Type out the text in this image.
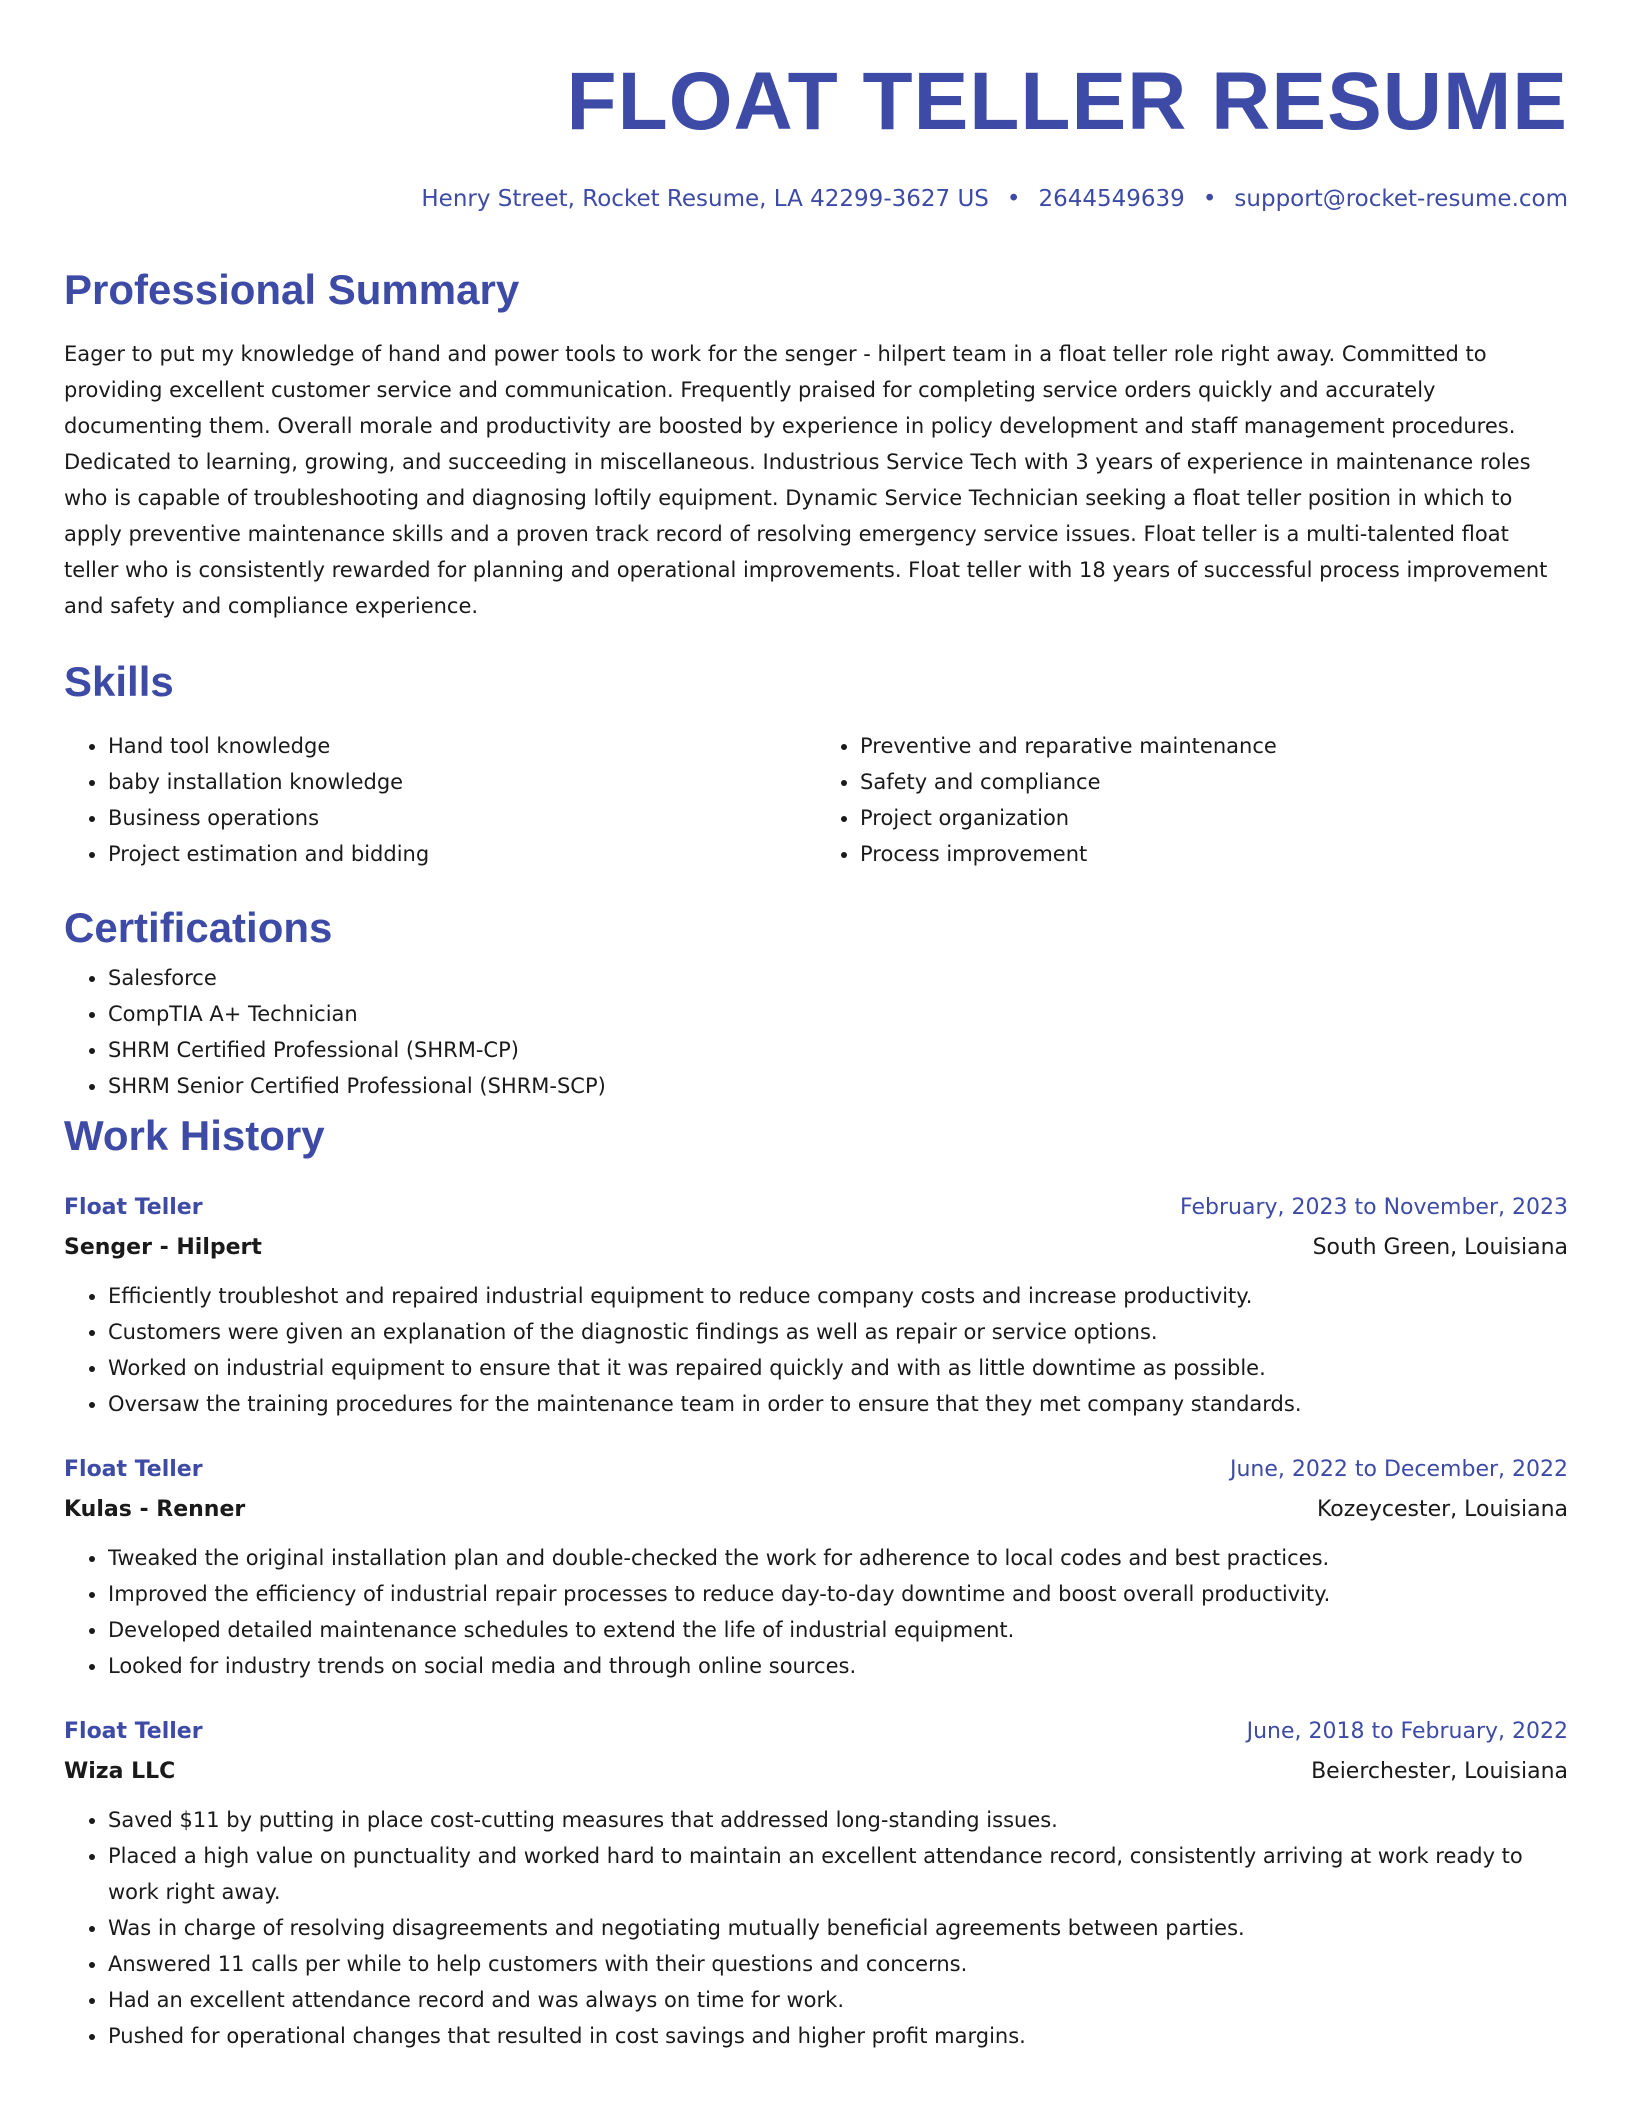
FLOAT TELLER RESUME
Henry Street, Rocket Resume, LA 42299-3627 US • 2644549639 • support@rocket-resume.com
Professional Summary

Eager to put my knowledge of hand and power tools to work for the senger - hilpert team in a float teller role right away. Committed to providing excellent customer service and communication. Frequently praised for completing service orders quickly and accurately documenting them. Overall morale and productivity are boosted by experience in policy development and staff management procedures. Dedicated to learning, growing, and succeeding in miscellaneous. Industrious Service Tech with 3 years of experience in maintenance roles who is capable of troubleshooting and diagnosing loftily equipment. Dynamic Service Technician seeking a float teller position in which to apply preventive maintenance skills and a proven track record of resolving emergency service issues. Float teller is a multi-talented float teller who is consistently rewarded for planning and operational improvements. Float teller with 18 years of successful process improvement and safety and compliance experience.

Skills
• Hand tool knowledge
• baby installation knowledge
• Business operations
• Project estimation and bidding
• Preventive and reparative maintenance
• Safety and compliance
• Project organization
• Process improvement
Certifications
• Salesforce
• CompTIA A+ Technician
• SHRM Certified Professional (SHRM-CP)
• SHRM Senior Certified Professional (SHRM-SCP)
Work History
Float Teller	February, 2023 to November, 2023
Senger - Hilpert	South Green, Louisiana
• Efficiently troubleshot and repaired industrial equipment to reduce company costs and increase productivity.
• Customers were given an explanation of the diagnostic findings as well as repair or service options.
• Worked on industrial equipment to ensure that it was repaired quickly and with as little downtime as possible.
• Oversaw the training procedures for the maintenance team in order to ensure that they met company standards.
Float Teller	June, 2022 to December, 2022
Kulas - Renner	Kozeycester, Louisiana
• Tweaked the original installation plan and double-checked the work for adherence to local codes and best practices.
• Improved the efficiency of industrial repair processes to reduce day-to-day downtime and boost overall productivity.
• Developed detailed maintenance schedules to extend the life of industrial equipment.
• Looked for industry trends on social media and through online sources.
Float Teller	June, 2018 to February, 2022
Wiza LLC	Beierchester, Louisiana
• Saved $11 by putting in place cost-cutting measures that addressed long-standing issues.
• Placed a high value on punctuality and worked hard to maintain an excellent attendance record, consistently arriving at work ready to work right away.
• Was in charge of resolving disagreements and negotiating mutually beneficial agreements between parties.
• Answered 11 calls per while to help customers with their questions and concerns.
• Had an excellent attendance record and was always on time for work.
• Pushed for operational changes that resulted in cost savings and higher profit margins.
